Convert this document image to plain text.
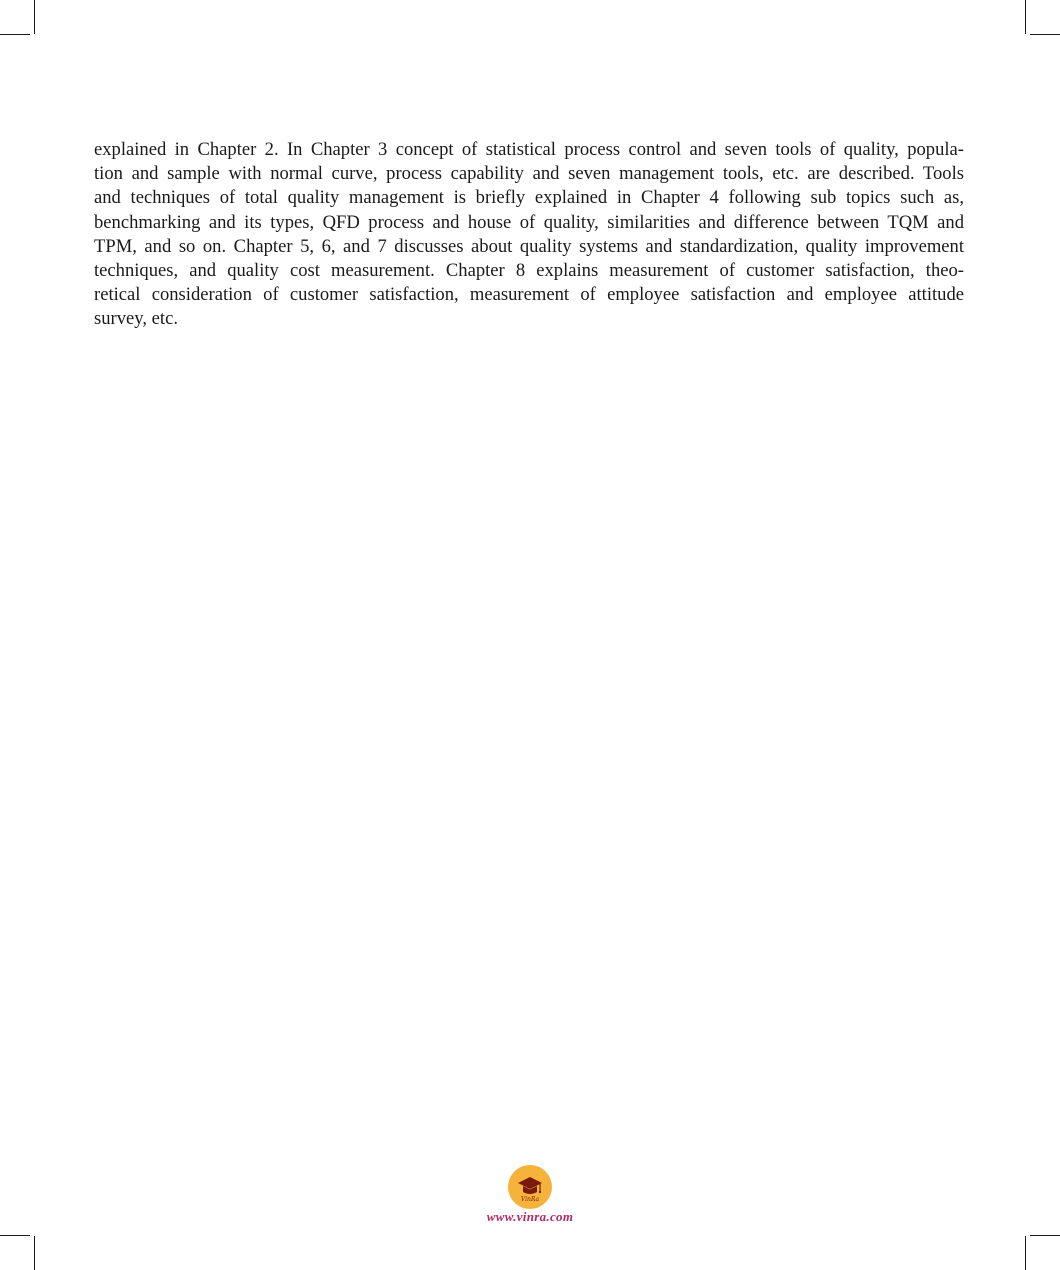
explained in Chapter 2. In Chapter 3 concept of statistical process control and seven tools of quality, popula-
tion and sample with normal curve, process capability and seven management tools, etc. are described. Tools
and techniques of total quality management is briefly explained in Chapter 4 following sub topics such as,
benchmarking and its types, QFD process and house of quality, similarities and difference between TQM and
TPM, and so on. Chapter 5, 6, and 7 discusses about quality systems and standardization, quality improvement
techniques, and quality cost measurement. Chapter 8 explains measurement of customer satisfaction, theo-
retical consideration of customer satisfaction, measurement of employee satisfaction and employee attitude
survey, etc.

VinRa
www.vinra.com
